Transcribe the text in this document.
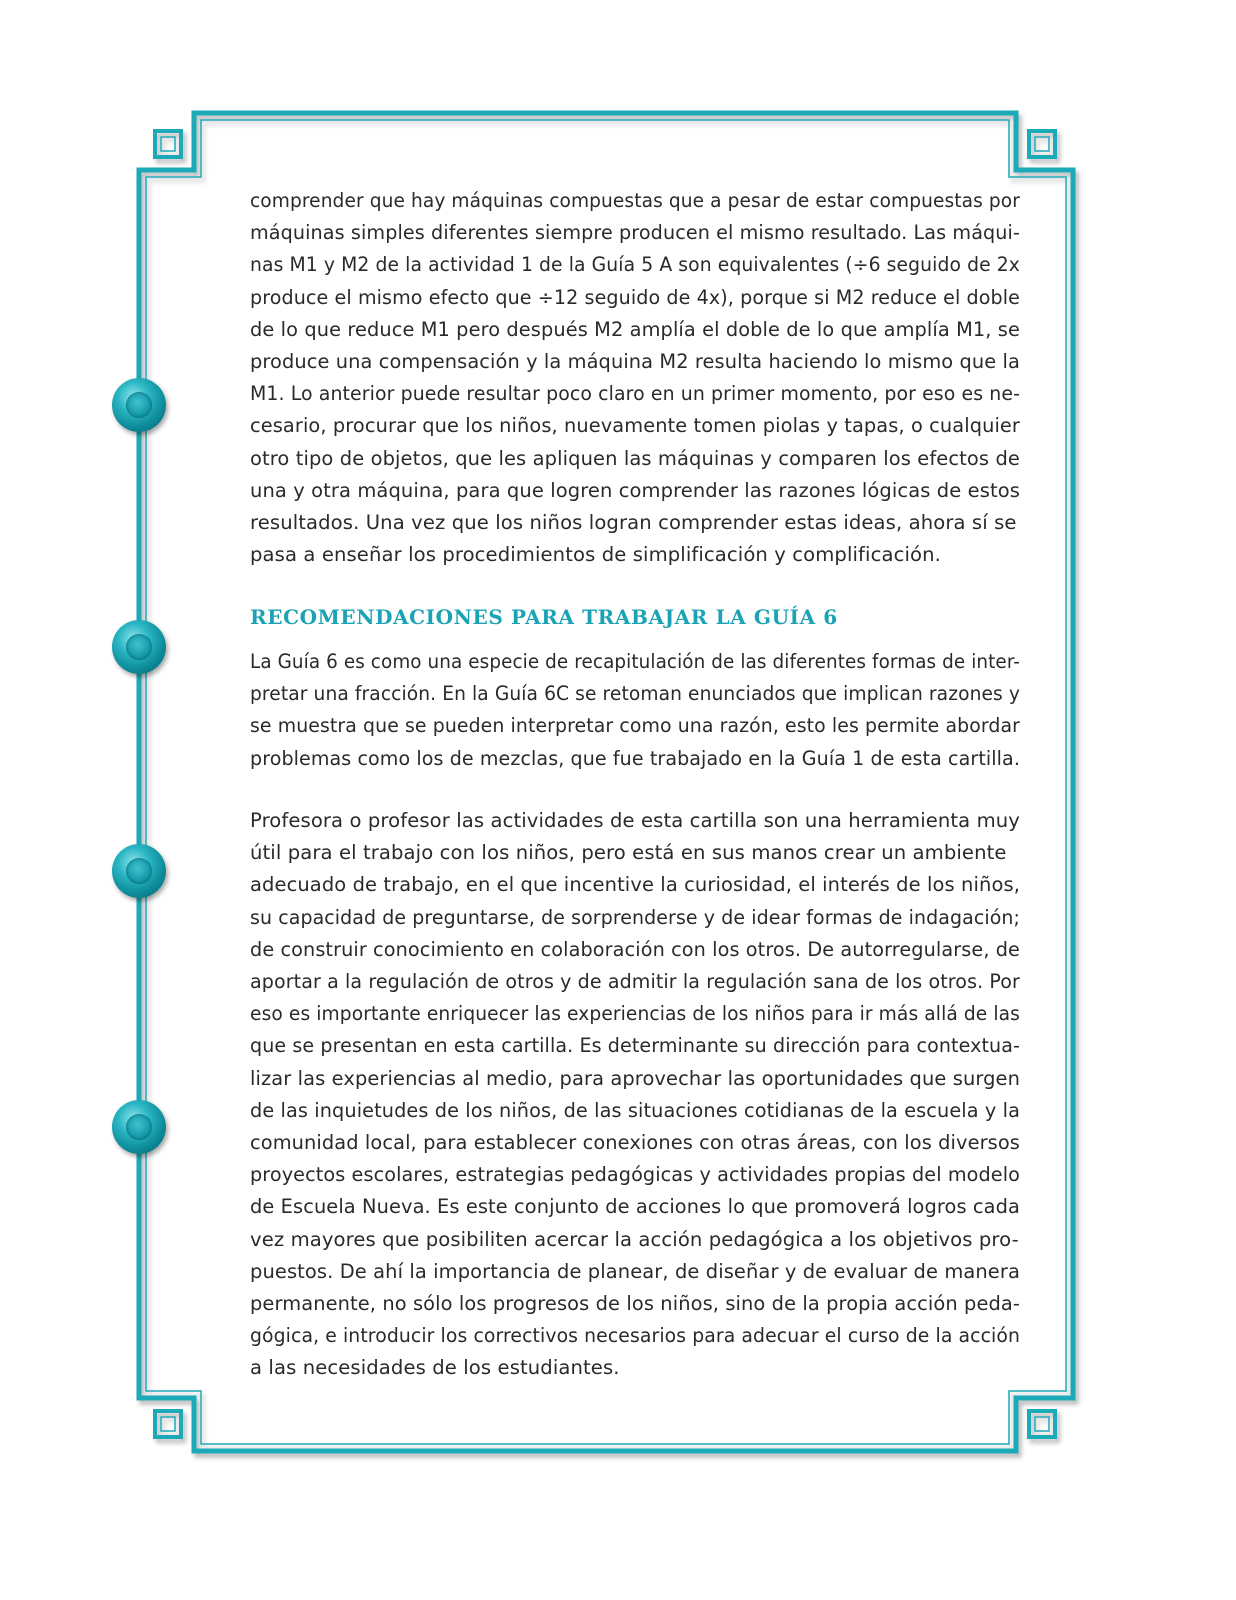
comprender que hay máquinas compuestas que a pesar de estar compuestas por
máquinas simples diferentes siempre producen el mismo resultado. Las máqui-
nas M1 y M2 de la actividad 1 de la Guía 5 A son equivalentes (÷6 seguido de 2x
produce el mismo efecto que ÷12 seguido de 4x), porque si M2 reduce el doble
de lo que reduce M1 pero después M2 amplía el doble de lo que amplía M1, se
produce una compensación y la máquina M2 resulta haciendo lo mismo que la
M1. Lo anterior puede resultar poco claro en un primer momento, por eso es ne-
cesario, procurar que los niños, nuevamente tomen piolas y tapas, o cualquier
otro tipo de objetos, que les apliquen las máquinas y comparen los efectos de
una y otra máquina, para que logren comprender las razones lógicas de estos
resultados. Una vez que los niños logran comprender estas ideas, ahora sí se
pasa a enseñar los procedimientos de simplificación y complificación.

RECOMENDACIONES PARA TRABAJAR LA GUÍA 6

La Guía 6 es como una especie de recapitulación de las diferentes formas de inter-
pretar una fracción. En la Guía 6C se retoman enunciados que implican razones y
se muestra que se pueden interpretar como una razón, esto les permite abordar
problemas como los de mezclas, que fue trabajado en la Guía 1 de esta cartilla.

Profesora o profesor las actividades de esta cartilla son una herramienta muy
útil para el trabajo con los niños, pero está en sus manos crear un ambiente
adecuado de trabajo, en el que incentive la curiosidad, el interés de los niños,
su capacidad de preguntarse, de sorprenderse y de idear formas de indagación;
de construir conocimiento en colaboración con los otros. De autorregularse, de
aportar a la regulación de otros y de admitir la regulación sana de los otros. Por
eso es importante enriquecer las experiencias de los niños para ir más allá de las
que se presentan en esta cartilla. Es determinante su dirección para contextua-
lizar las experiencias al medio, para aprovechar las oportunidades que surgen
de las inquietudes de los niños, de las situaciones cotidianas de la escuela y la
comunidad local, para establecer conexiones con otras áreas, con los diversos
proyectos escolares, estrategias pedagógicas y actividades propias del modelo
de Escuela Nueva. Es este conjunto de acciones lo que promoverá logros cada
vez mayores que posibiliten acercar la acción pedagógica a los objetivos pro-
puestos. De ahí la importancia de planear, de diseñar y de evaluar de manera
permanente, no sólo los progresos de los niños, sino de la propia acción peda-
gógica, e introducir los correctivos necesarios para adecuar el curso de la acción
a las necesidades de los estudiantes.
